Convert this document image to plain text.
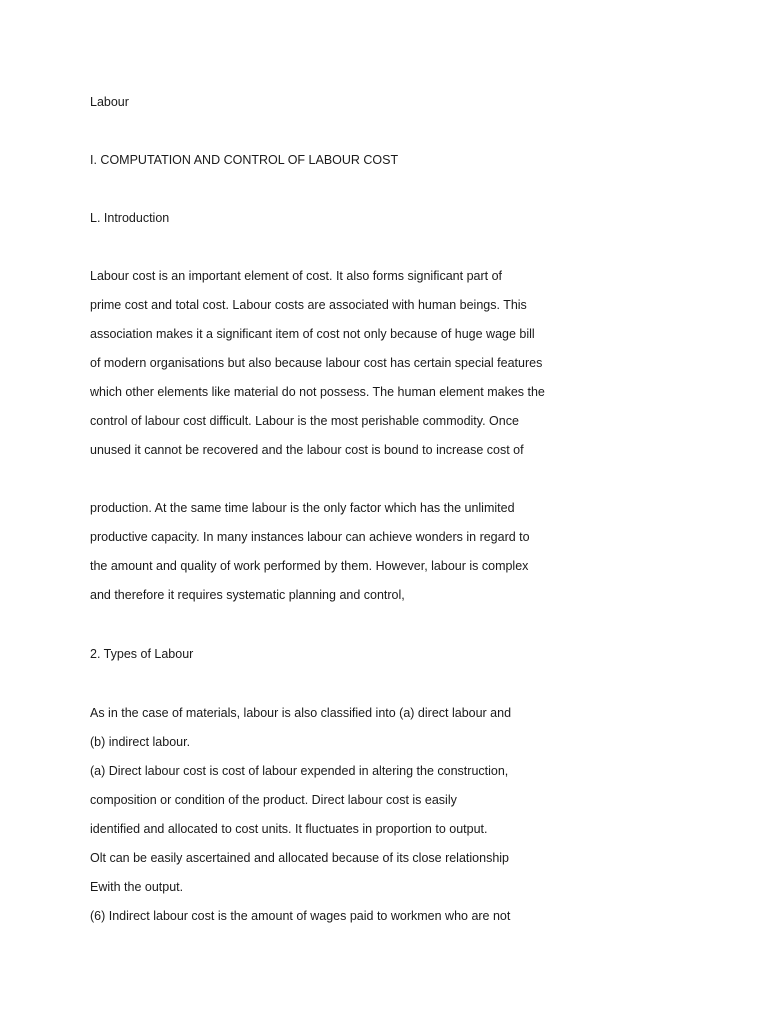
Labour
I. COMPUTATION AND CONTROL OF LABOUR COST
L. Introduction
Labour cost is an important element of cost. It also forms significant part of
prime cost and total cost. Labour costs are associated with human beings. This
association makes it a significant item of cost not only because of huge wage bill
of modern organisations but also because labour cost has certain special features
which other elements like material do not possess. The human element makes the
control of labour cost difficult. Labour is the most perishable commodity. Once
unused it cannot be recovered and the labour cost is bound to increase cost of
production. At the same time labour is the only factor which has the unlimited
productive capacity. In many instances labour can achieve wonders in regard to
the amount and quality of work performed by them. However, labour is complex
and therefore it requires systematic planning and control,
2. Types of Labour
As in the case of materials, labour is also classified into (a) direct labour and
(b) indirect labour.
(a) Direct labour cost is cost of labour expended in altering the construction,
composition or condition of the product. Direct labour cost is easily
identified and allocated to cost units. It fluctuates in proportion to output.
Olt can be easily ascertained and allocated because of its close relationship
Ewith the output.
(6) Indirect labour cost is the amount of wages paid to workmen who are not
